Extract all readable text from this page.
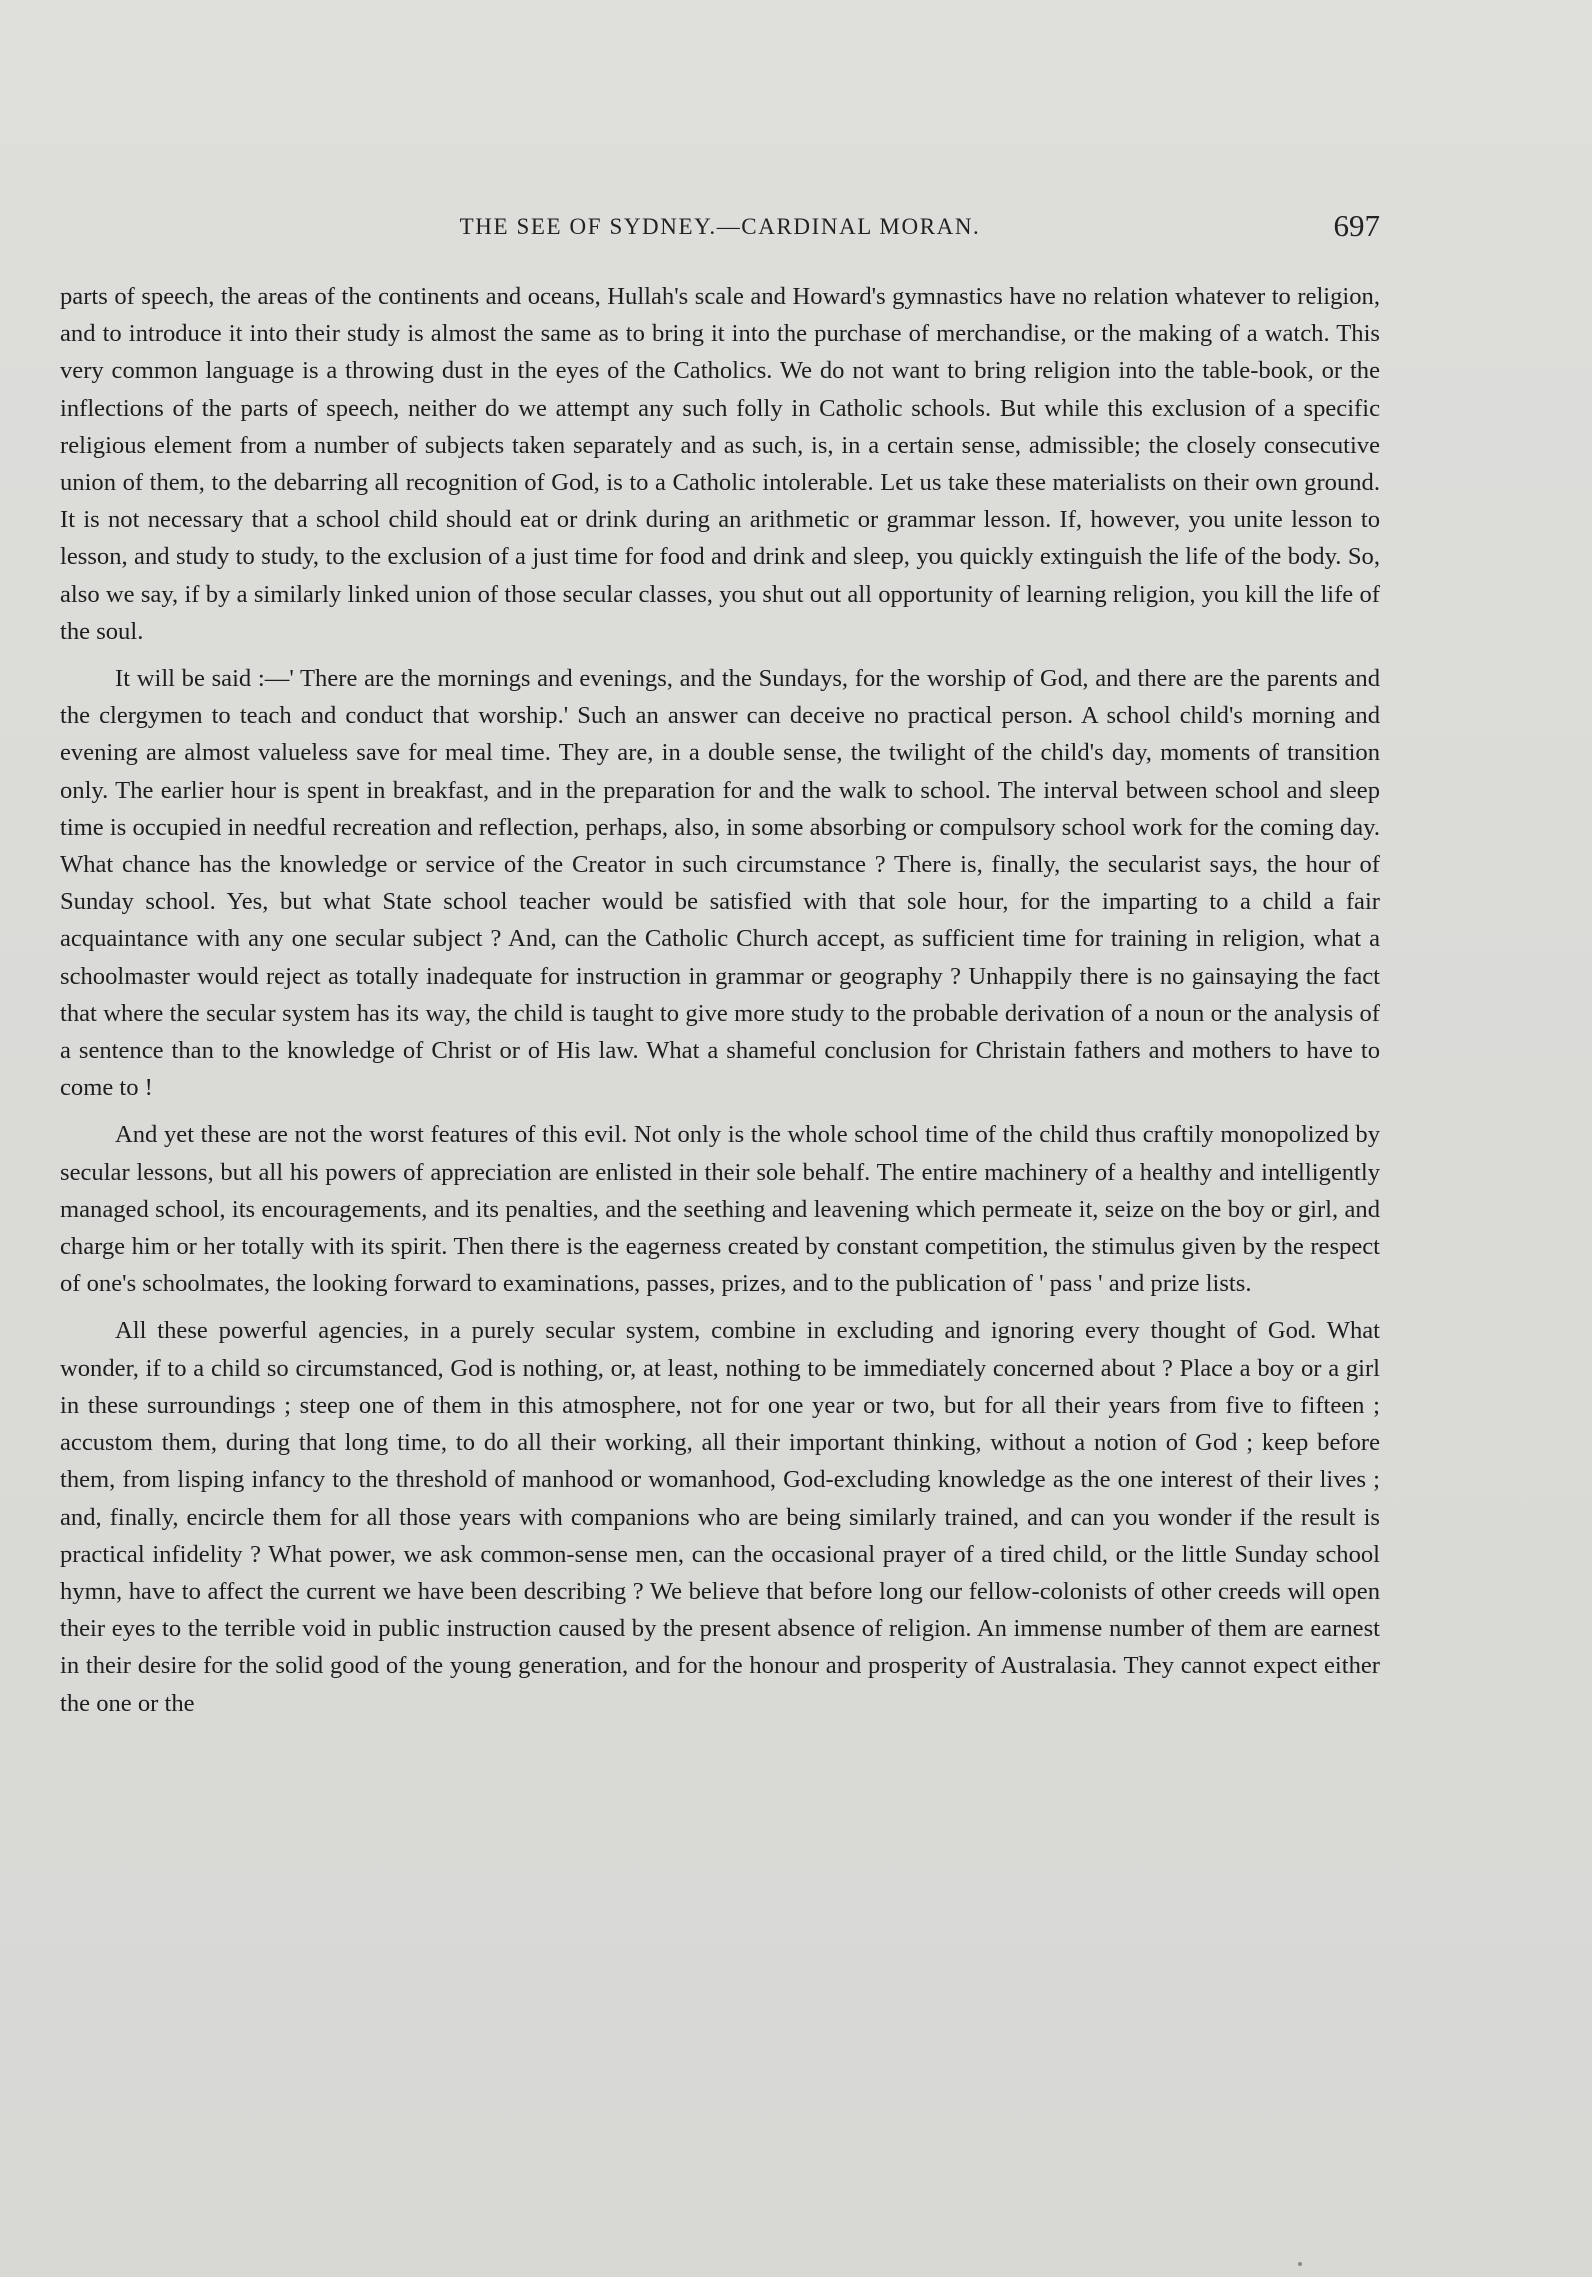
THE SEE OF SYDNEY.—CARDINAL MORAN.	697

parts of speech, the areas of the continents and oceans, Hullah's scale and Howard's gymnastics have no relation whatever to religion, and to introduce it into their study is almost the same as to bring it into the purchase of merchandise, or the making of a watch. This very common language is a throwing dust in the eyes of the Catholics. We do not want to bring religion into the table-book, or the inflections of the parts of speech, neither do we attempt any such folly in Catholic schools. But while this exclusion of a specific religious element from a number of subjects taken separately and as such, is, in a certain sense, admissible; the closely consecutive union of them, to the debarring all recognition of God, is to a Catholic intolerable. Let us take these materialists on their own ground. It is not necessary that a school child should eat or drink during an arithmetic or grammar lesson. If, however, you unite lesson to lesson, and study to study, to the exclusion of a just time for food and drink and sleep, you quickly extinguish the life of the body. So, also we say, if by a similarly linked union of those secular classes, you shut out all opportunity of learning religion, you kill the life of the soul.

It will be said :—' There are the mornings and evenings, and the Sundays, for the worship of God, and there are the parents and the clergymen to teach and conduct that worship.' Such an answer can deceive no practical person. A school child's morning and evening are almost valueless save for meal time. They are, in a double sense, the twilight of the child's day, moments of transition only. The earlier hour is spent in breakfast, and in the preparation for and the walk to school. The interval between school and sleep time is occupied in needful recreation and reflection, perhaps, also, in some absorbing or compulsory school work for the coming day. What chance has the knowledge or service of the Creator in such circumstance ? There is, finally, the secularist says, the hour of Sunday school. Yes, but what State school teacher would be satisfied with that sole hour, for the imparting to a child a fair acquaintance with any one secular subject ? And, can the Catholic Church accept, as sufficient time for training in religion, what a schoolmaster would reject as totally inadequate for instruction in grammar or geography ? Unhappily there is no gainsaying the fact that where the secular system has its way, the child is taught to give more study to the probable derivation of a noun or the analysis of a sentence than to the knowledge of Christ or of His law. What a shameful conclusion for Christain fathers and mothers to have to come to !

And yet these are not the worst features of this evil. Not only is the whole school time of the child thus craftily monopolized by secular lessons, but all his powers of appreciation are enlisted in their sole behalf. The entire machinery of a healthy and intelligently managed school, its encouragements, and its penalties, and the seething and leavening which permeate it, seize on the boy or girl, and charge him or her totally with its spirit. Then there is the eagerness created by constant competition, the stimulus given by the respect of one's schoolmates, the looking forward to examinations, passes, prizes, and to the publication of ' pass ' and prize lists.

All these powerful agencies, in a purely secular system, combine in excluding and ignoring every thought of God. What wonder, if to a child so circumstanced, God is nothing, or, at least, nothing to be immediately concerned about ? Place a boy or a girl in these surroundings ; steep one of them in this atmosphere, not for one year or two, but for all their years from five to fifteen ; accustom them, during that long time, to do all their working, all their important thinking, without a notion of God ; keep before them, from lisping infancy to the threshold of manhood or womanhood, God-excluding knowledge as the one interest of their lives ; and, finally, encircle them for all those years with companions who are being similarly trained, and can you wonder if the result is practical infidelity ? What power, we ask common-sense men, can the occasional prayer of a tired child, or the little Sunday school hymn, have to affect the current we have been describing ? We believe that before long our fellow-colonists of other creeds will open their eyes to the terrible void in public instruction caused by the present absence of religion. An immense number of them are earnest in their desire for the solid good of the young generation, and for the honour and prosperity of Australasia. They cannot expect either the one or the
